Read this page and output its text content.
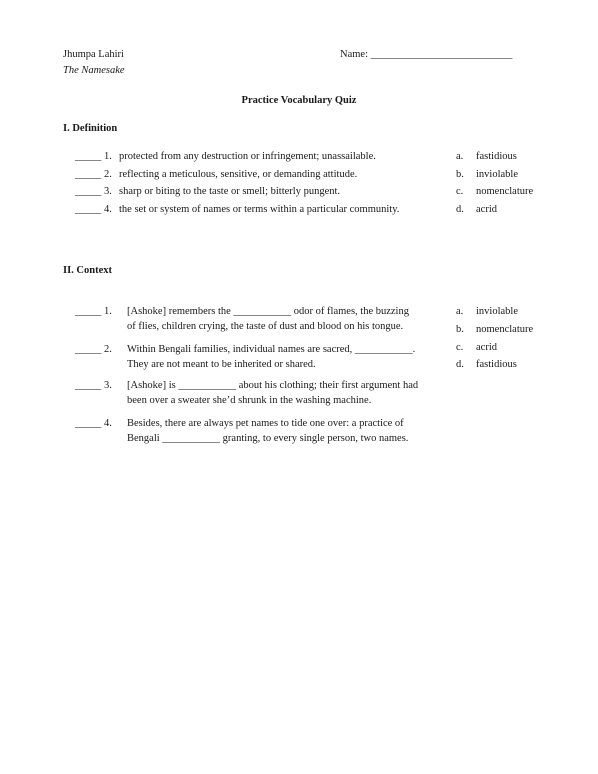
Jhumpa Lahiri
The Namesake
Name: ___________________________
Practice Vocabulary Quiz
I. Definition
_____ 1. protected from any destruction or infringement; unassailable.
_____ 2. reflecting a meticulous, sensitive, or demanding attitude.
_____ 3. sharp or biting to the taste or smell; bitterly pungent.
_____ 4. the set or system of names or terms within a particular community.
a. fastidious
b. inviolable
c. nomenclature
d. acrid
II. Context
_____ 1. [Ashoke] remembers the ___________ odor of flames, the buzzing
of flies, children crying, the taste of dust and blood on his tongue.
_____ 2. Within Bengali families, individual names are sacred, ___________.
They are not meant to be inherited or shared.
_____ 3. [Ashoke] is ___________ about his clothing; their first argument had
been over a sweater she’d shrunk in the washing machine.
_____ 4. Besides, there are always pet names to tide one over: a practice of
Bengali ___________ granting, to every single person, two names.
a. inviolable
b. nomenclature
c. acrid
d. fastidious
